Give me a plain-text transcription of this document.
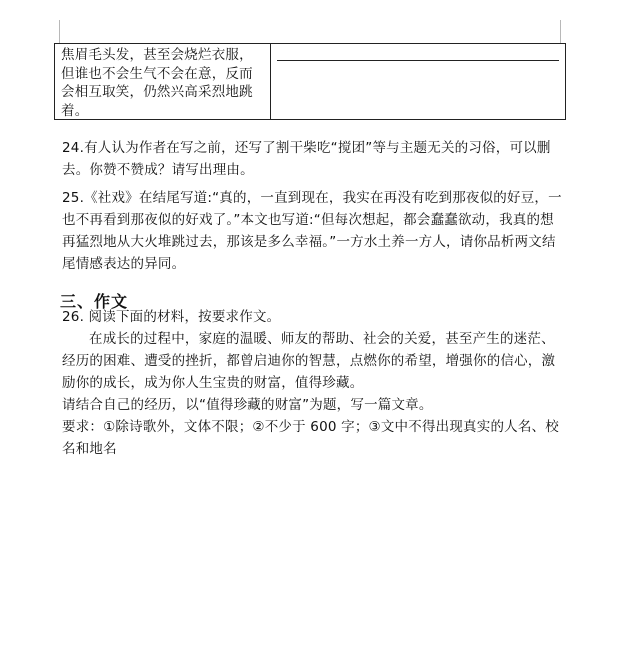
焦眉毛头发，甚至会烧烂衣服，但谁也不会生气不会在意，反而会相互取笑，仍然兴高采烈地跳着。

24.有人认为作者在写之前，还写了割干柴吃“搅团”等与主题无关的习俗，可以删去。你赞不赞成？请写出理由。

25.《社戏》在结尾写道:“真的，一直到现在，我实在再没有吃到那夜似的好豆，一也不再看到那夜似的好戏了。”本文也写道:“但每次想起，都会蠢蠢欲动，我真的想再猛烈地从大火堆跳过去，那该是多么幸福。”一方水土养一方人，请你品析两文结尾情感表达的异同。

三、作文

26. 阅读下面的材料，按要求作文。

在成长的过程中，家庭的温暖、师友的帮助、社会的关爱，甚至产生的迷茫、经历的困难、遭受的挫折，都曾启迪你的智慧，点燃你的希望，增强你的信心，激励你的成长，成为你人生宝贵的财富，值得珍藏。

请结合自己的经历，以“值得珍藏的财富”为题，写一篇文章。

要求：①除诗歌外，文体不限；②不少于 600 字；③文中不得出现真实的人名、校名和地名
